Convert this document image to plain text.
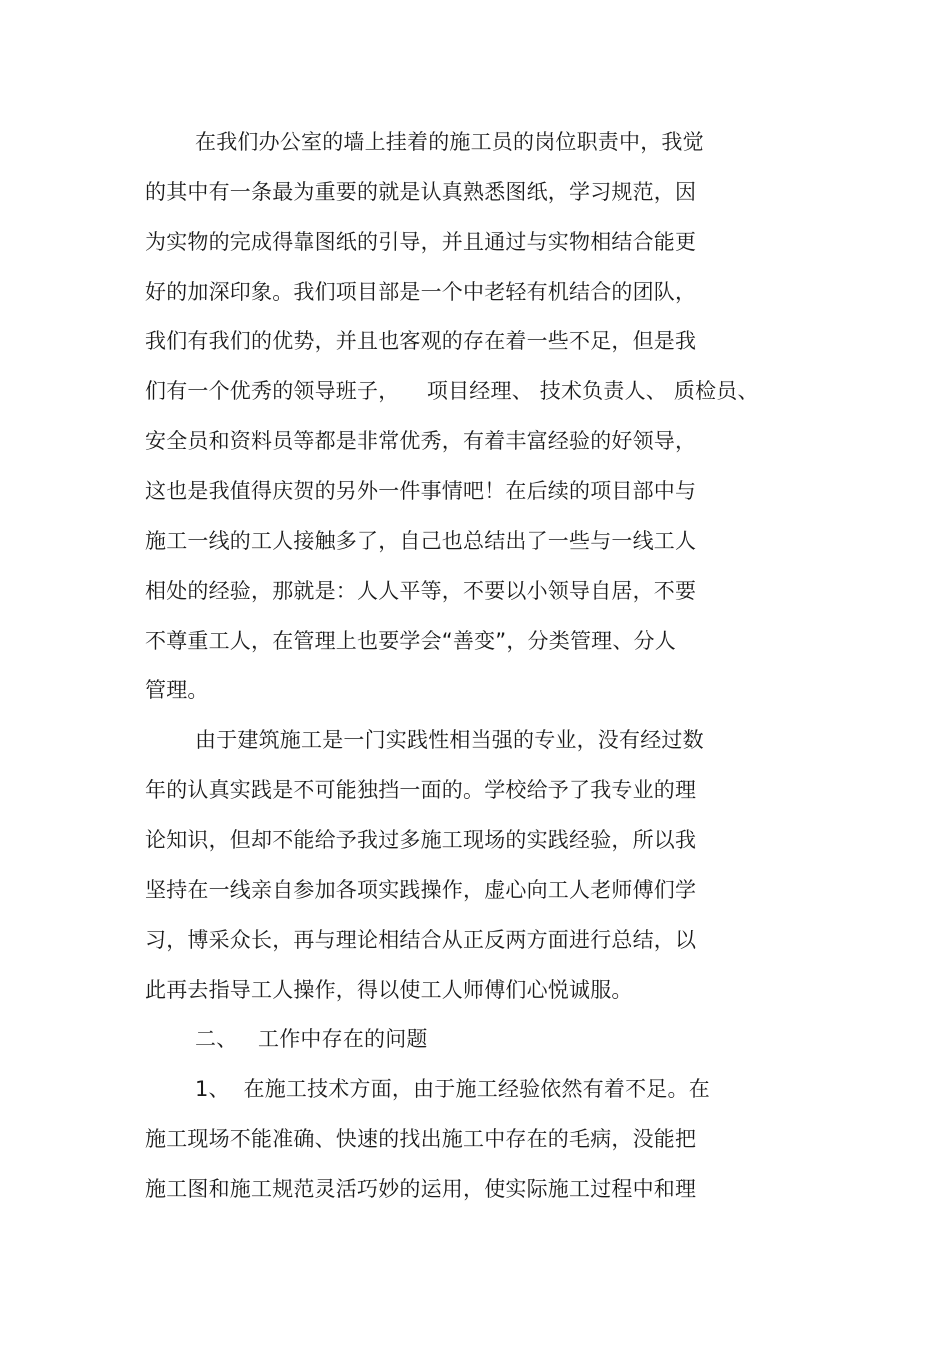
在我们办公室的墙上挂着的施工员的岗位职责中，我觉
的其中有一条最为重要的就是认真熟悉图纸，学习规范，因
为实物的完成得靠图纸的引导，并且通过与实物相结合能更
好的加深印象。我们项目部是一个中老轻有机结合的团队，
我们有我们的优势，并且也客观的存在着一些不足，但是我
们有一个优秀的领导班子，    项目经理、 技术负责人、 质检员、
安全员和资料员等都是非常优秀，有着丰富经验的好领导，
这也是我值得庆贺的另外一件事情吧！在后续的项目部中与
施工一线的工人接触多了，自己也总结出了一些与一线工人
相处的经验，那就是：人人平等，不要以小领导自居，不要
不尊重工人，在管理上也要学会“善变”，分类管理、分人
管理。
由于建筑施工是一门实践性相当强的专业，没有经过数
年的认真实践是不可能独挡一面的。学校给予了我专业的理
论知识，但却不能给予我过多施工现场的实践经验，所以我
坚持在一线亲自参加各项实践操作，虚心向工人老师傅们学
习，博采众长，再与理论相结合从正反两方面进行总结，以
此再去指导工人操作，得以使工人师傅们心悦诚服。
二、   工作中存在的问题
1、  在施工技术方面，由于施工经验依然有着不足。在
施工现场不能准确、快速的找出施工中存在的毛病，没能把
施工图和施工规范灵活巧妙的运用，使实际施工过程中和理
